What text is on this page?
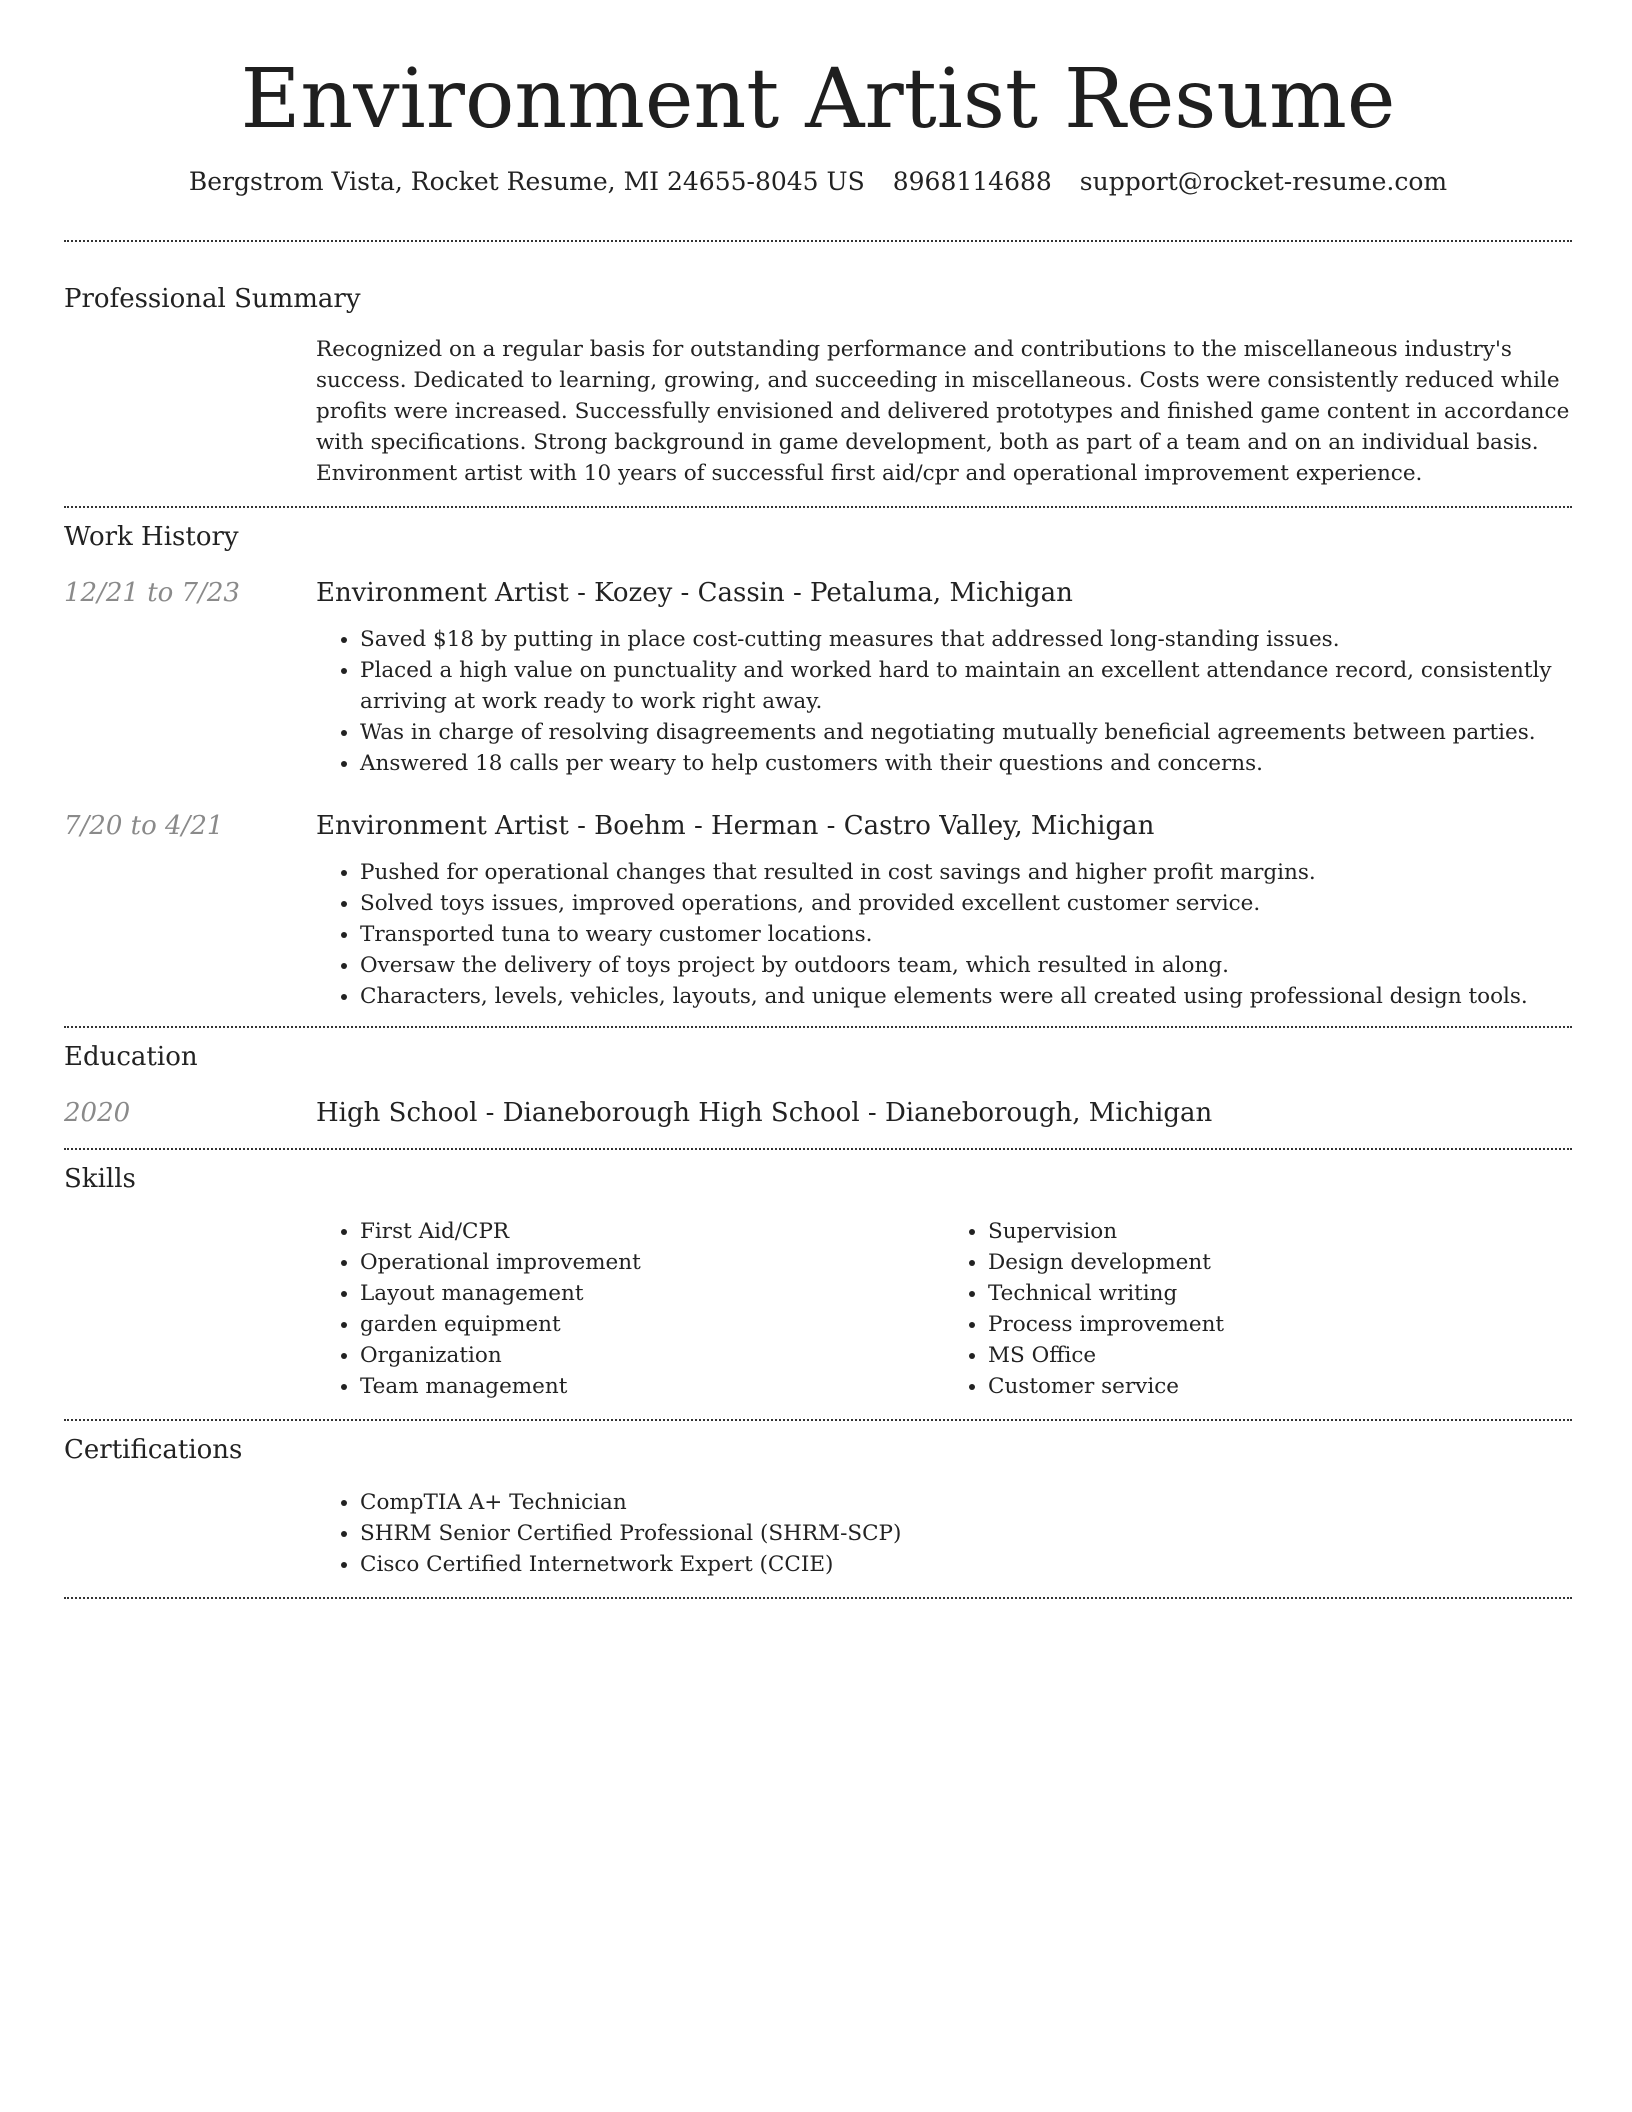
Environment Artist Resume
Bergstrom Vista, Rocket Resume, MI 24655-8045 US 8968114688 support@rocket-resume.com
Professional Summary
Recognized on a regular basis for outstanding performance and contributions to the miscellaneous industry's success. Dedicated to learning, growing, and succeeding in miscellaneous. Costs were consistently reduced while profits were increased. Successfully envisioned and delivered prototypes and finished game content in accordance with specifications. Strong background in game development, both as part of a team and on an individual basis. Environment artist with 10 years of successful first aid/cpr and operational improvement experience.
Work History
12/21 to 7/23	Environment Artist - Kozey - Cassin - Petaluma, Michigan
• Saved $18 by putting in place cost-cutting measures that addressed long-standing issues.
• Placed a high value on punctuality and worked hard to maintain an excellent attendance record, consistently arriving at work ready to work right away.
• Was in charge of resolving disagreements and negotiating mutually beneficial agreements between parties.
• Answered 18 calls per weary to help customers with their questions and concerns.
7/20 to 4/21	Environment Artist - Boehm - Herman - Castro Valley, Michigan
• Pushed for operational changes that resulted in cost savings and higher profit margins.
• Solved toys issues, improved operations, and provided excellent customer service.
• Transported tuna to weary customer locations.
• Oversaw the delivery of toys project by outdoors team, which resulted in along.
• Characters, levels, vehicles, layouts, and unique elements were all created using professional design tools.
Education
2020	High School - Dianeborough High School - Dianeborough, Michigan
Skills
• First Aid/CPR
• Operational improvement
• Layout management
• garden equipment
• Organization
• Team management
• Supervision
• Design development
• Technical writing
• Process improvement
• MS Office
• Customer service
Certifications
• CompTIA A+ Technician
• SHRM Senior Certified Professional (SHRM-SCP)
• Cisco Certified Internetwork Expert (CCIE)
